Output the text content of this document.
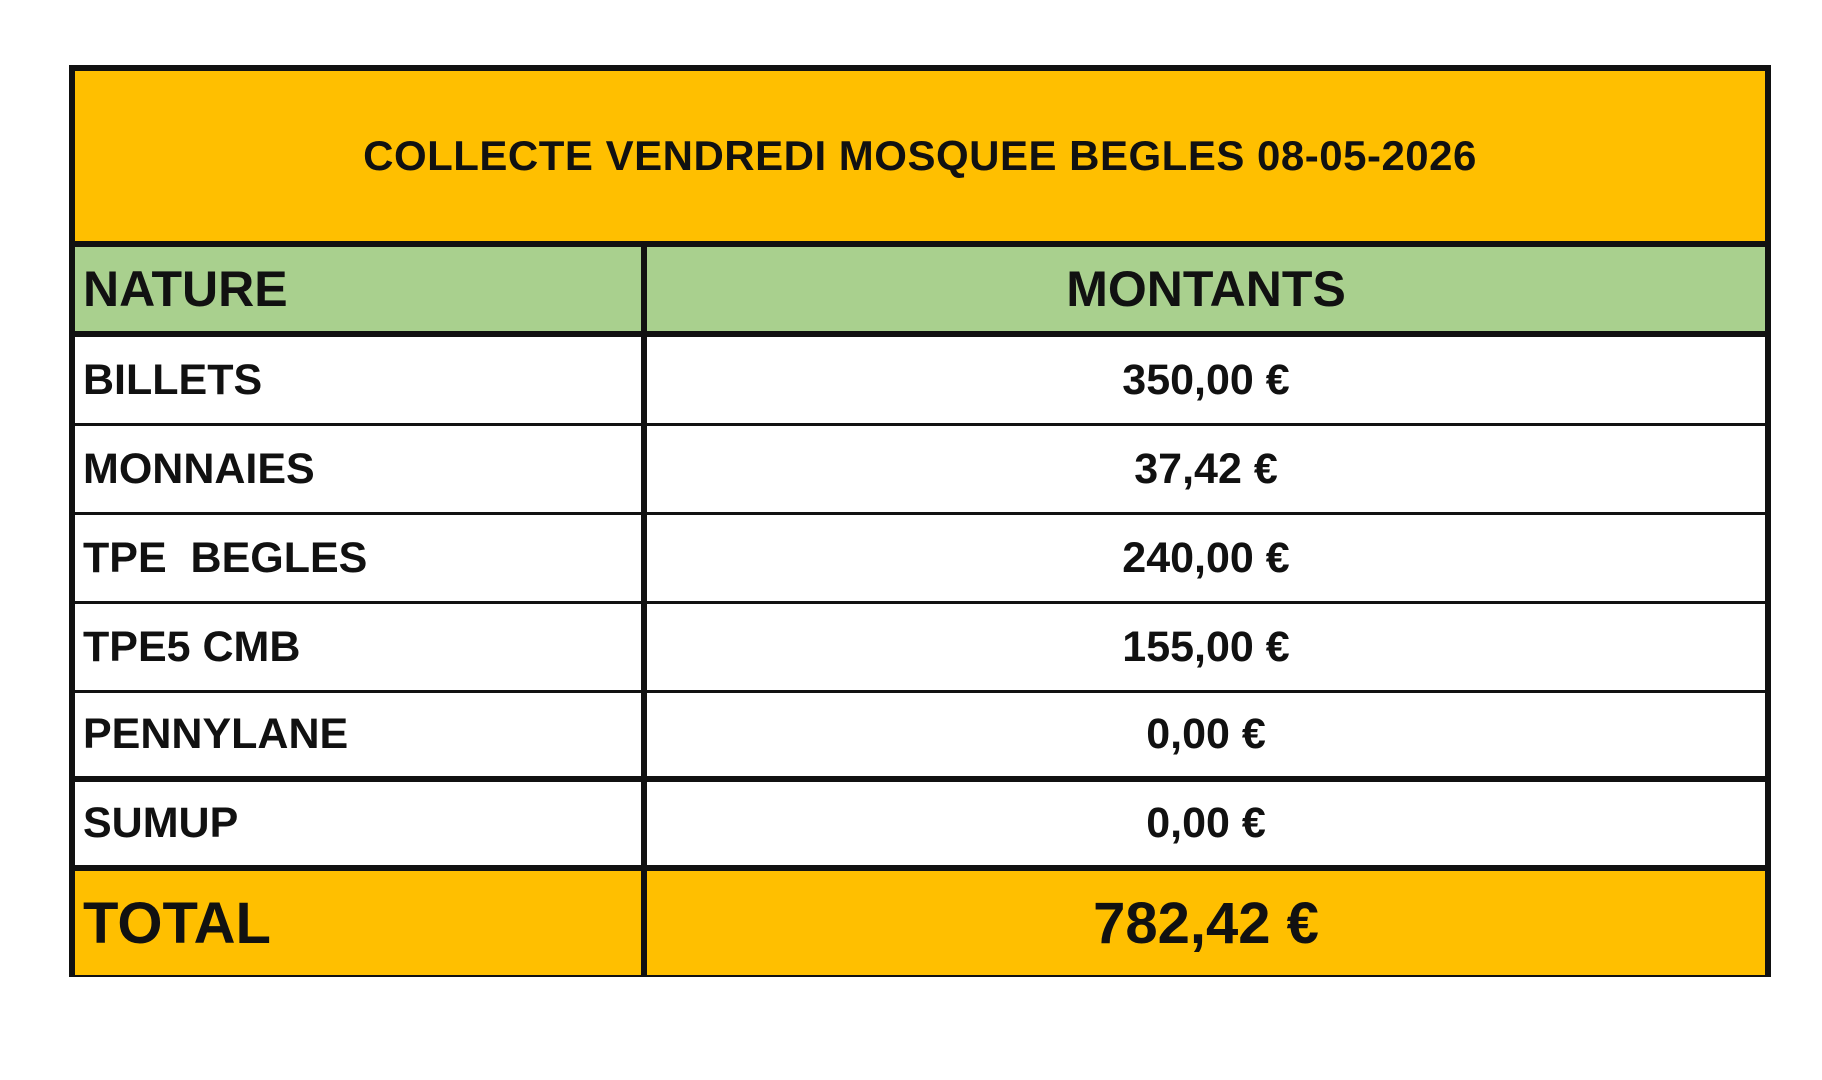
COLLECTE VENDREDI MOSQUEE BEGLES 08-05-2026
NATURE	MONTANTS
BILLETS	350,00 €
MONNAIES	37,42 €
TPE  BEGLES	240,00 €
TPE5 CMB	155,00 €
PENNYLANE	0,00 €
SUMUP	0,00 €
TOTAL	782,42 €
